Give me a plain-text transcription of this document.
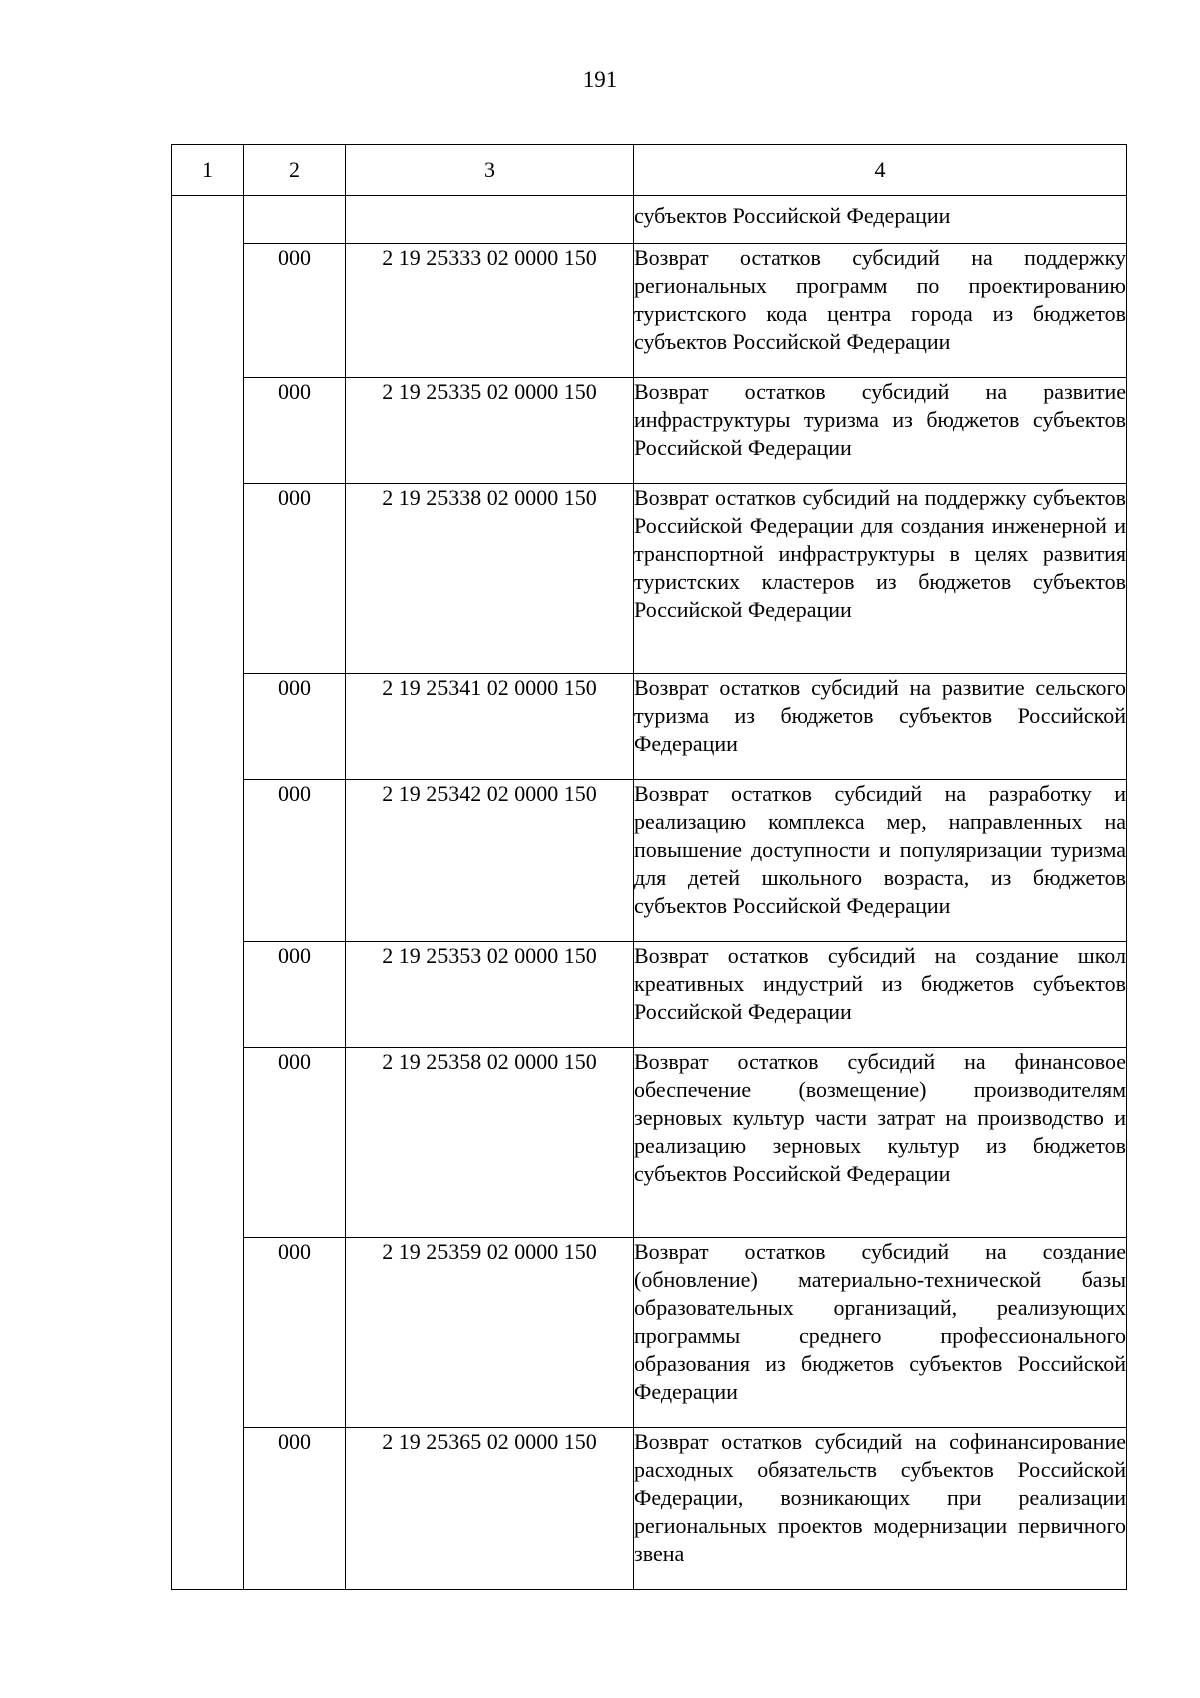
191
1	2	3	4
			субъектов Российской Федерации
	000	2 19 25333 02 0000 150	Возврат остатков субсидий на поддержку региональных программ по проектированию туристского кода центра города из бюджетов субъектов Российской Федерации
	000	2 19 25335 02 0000 150	Возврат остатков субсидий на развитие инфраструктуры туризма из бюджетов субъектов Российской Федерации
	000	2 19 25338 02 0000 150	Возврат остатков субсидий на поддержку субъектов Российской Федерации для создания инженерной и транспортной инфраструктуры в целях развития туристских кластеров из бюджетов субъектов Российской Федерации
	000	2 19 25341 02 0000 150	Возврат остатков субсидий на развитие сельского туризма из бюджетов субъектов Российской Федерации
	000	2 19 25342 02 0000 150	Возврат остатков субсидий на разработку и реализацию комплекса мер, направленных на повышение доступности и популяризации туризма для детей школьного возраста, из бюджетов субъектов Российской Федерации
	000	2 19 25353 02 0000 150	Возврат остатков субсидий на создание школ креативных индустрий из бюджетов субъектов Российской Федерации
	000	2 19 25358 02 0000 150	Возврат остатков субсидий на финансовое обеспечение (возмещение) производителям зерновых культур части затрат на производство и реализацию зерновых культур из бюджетов субъектов Российской Федерации
	000	2 19 25359 02 0000 150	Возврат остатков субсидий на создание (обновление) материально-технической базы образовательных организаций, реализующих программы среднего профессионального образования из бюджетов субъектов Российской Федерации
	000	2 19 25365 02 0000 150	Возврат остатков субсидий на софинансирование расходных обязательств субъектов Российской Федерации, возникающих при реализации региональных проектов модернизации первичного звена
